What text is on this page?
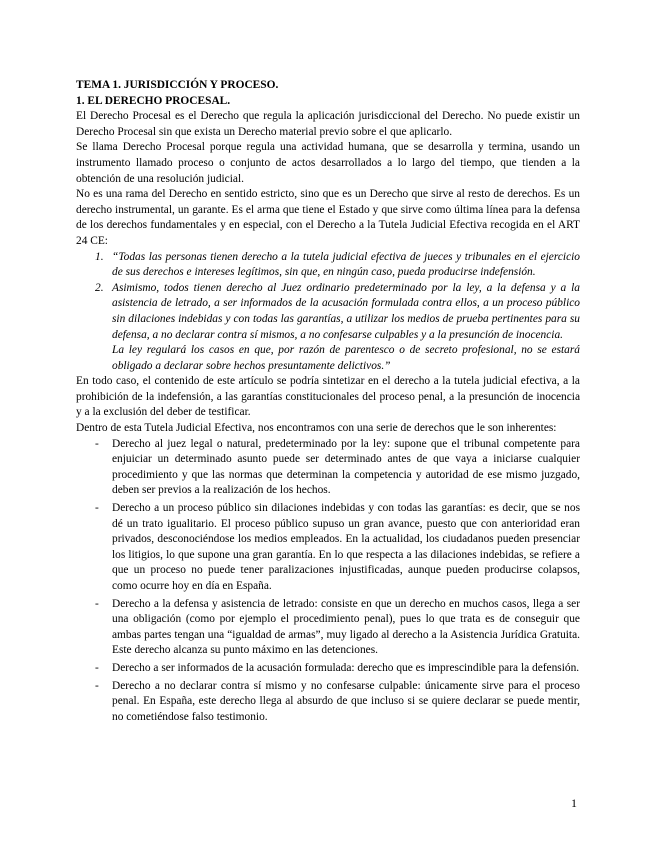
TEMA 1. JURISDICCIÓN Y PROCESO.

1. EL DERECHO PROCESAL.

El Derecho Procesal es el Derecho que regula la aplicación jurisdiccional del Derecho. No puede existir un Derecho Procesal sin que exista un Derecho material previo sobre el que aplicarlo.

Se llama Derecho Procesal porque regula una actividad humana, que se desarrolla y termina, usando un instrumento llamado proceso o conjunto de actos desarrollados a lo largo del tiempo, que tienden a la obtención de una resolución judicial.

No es una rama del Derecho en sentido estricto, sino que es un Derecho que sirve al resto de derechos. Es un derecho instrumental, un garante. Es el arma que tiene el Estado y que sirve como última línea para la defensa de los derechos fundamentales y en especial, con el Derecho a la Tutela Judicial Efectiva recogida en el ART 24 CE:

1. “Todas las personas tienen derecho a la tutela judicial efectiva de jueces y tribunales en el ejercicio de sus derechos e intereses legítimos, sin que, en ningún caso, pueda producirse indefensión.

2. Asimismo, todos tienen derecho al Juez ordinario predeterminado por la ley, a la defensa y a la asistencia de letrado, a ser informados de la acusación formulada contra ellos, a un proceso público sin dilaciones indebidas y con todas las garantías, a utilizar los medios de prueba pertinentes para su defensa, a no declarar contra sí mismos, a no confesarse culpables y a la presunción de inocencia.

La ley regulará los casos en que, por razón de parentesco o de secreto profesional, no se estará obligado a declarar sobre hechos presuntamente delictivos.”

En todo caso, el contenido de este artículo se podría sintetizar en el derecho a la tutela judicial efectiva, a la prohibición de la indefensión, a las garantías constitucionales del proceso penal, a la presunción de inocencia y a la exclusión del deber de testificar.

Dentro de esta Tutela Judicial Efectiva, nos encontramos con una serie de derechos que le son inherentes:

- Derecho al juez legal o natural, predeterminado por la ley: supone que el tribunal competente para enjuiciar un determinado asunto puede ser determinado antes de que vaya a iniciarse cualquier procedimiento y que las normas que determinan la competencia y autoridad de ese mismo juzgado, deben ser previos a la realización de los hechos.
- Derecho a un proceso público sin dilaciones indebidas y con todas las garantías: es decir, que se nos dé un trato igualitario. El proceso público supuso un gran avance, puesto que con anterioridad eran privados, desconociéndose los medios empleados. En la actualidad, los ciudadanos pueden presenciar los litigios, lo que supone una gran garantía. En lo que respecta a las dilaciones indebidas, se refiere a que un proceso no puede tener paralizaciones injustificadas, aunque pueden producirse colapsos, como ocurre hoy en día en España.
- Derecho a la defensa y asistencia de letrado: consiste en que un derecho en muchos casos, llega a ser una obligación (como por ejemplo el procedimiento penal), pues lo que trata es de conseguir que ambas partes tengan una “igualdad de armas”, muy ligado al derecho a la Asistencia Jurídica Gratuita. Este derecho alcanza su punto máximo en las detenciones.
- Derecho a ser informados de la acusación formulada: derecho que es imprescindible para la defensión.
- Derecho a no declarar contra sí mismo y no confesarse culpable: únicamente sirve para el proceso penal. En España, este derecho llega al absurdo de que incluso si se quiere declarar se puede mentir, no cometiéndose falso testimonio.
1
